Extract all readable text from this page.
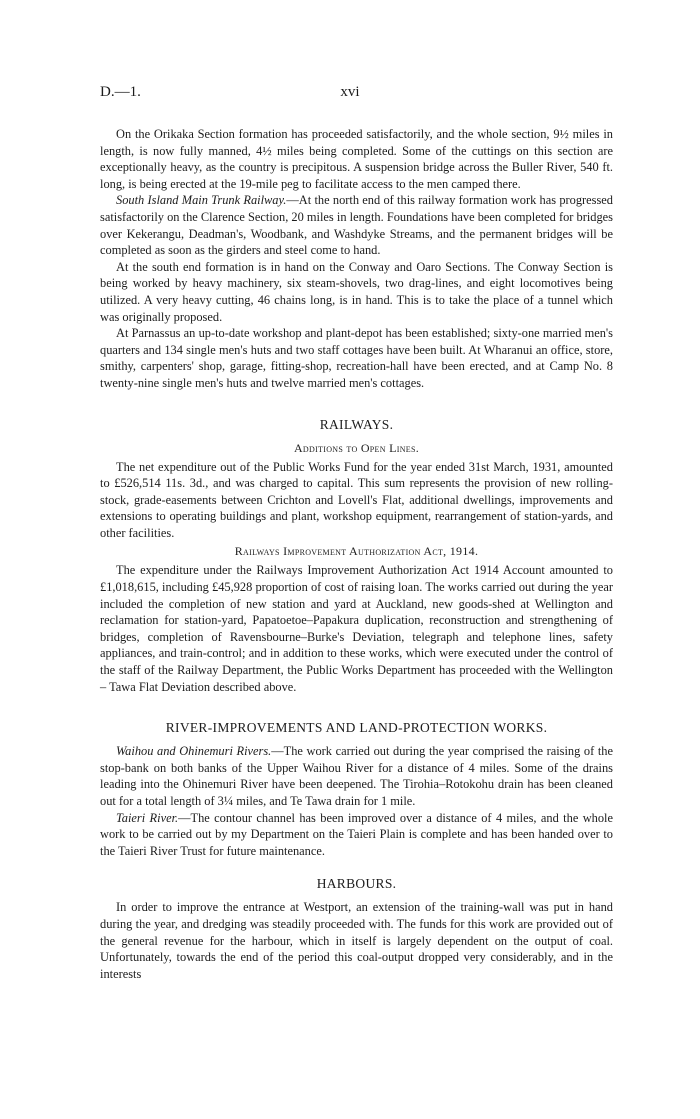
D.—1.	xvi

On the Orikaka Section formation has proceeded satisfactorily, and the whole section, 9½ miles in length, is now fully manned, 4½ miles being completed. Some of the cuttings on this section are exceptionally heavy, as the country is precipitous. A suspension bridge across the Buller River, 540 ft. long, is being erected at the 19-mile peg to facilitate access to the men camped there.

South Island Main Trunk Railway.—At the north end of this railway formation work has progressed satisfactorily on the Clarence Section, 20 miles in length. Foundations have been completed for bridges over Kekerangu, Deadman's, Woodbank, and Washdyke Streams, and the permanent bridges will be completed as soon as the girders and steel come to hand.

At the south end formation is in hand on the Conway and Oaro Sections. The Conway Section is being worked by heavy machinery, six steam-shovels, two drag-lines, and eight locomotives being utilized. A very heavy cutting, 46 chains long, is in hand. This is to take the place of a tunnel which was originally proposed.

At Parnassus an up-to-date workshop and plant-depot has been established; sixty-one married men's quarters and 134 single men's huts and two staff cottages have been built. At Wharanui an office, store, smithy, carpenters' shop, garage, fitting-shop, recreation-hall have been erected, and at Camp No. 8 twenty-nine single men's huts and twelve married men's cottages.

RAILWAYS.
Additions to Open Lines.

The net expenditure out of the Public Works Fund for the year ended 31st March, 1931, amounted to £526,514 11s. 3d., and was charged to capital. This sum represents the provision of new rolling-stock, grade-easements between Crichton and Lovell's Flat, additional dwellings, improvements and extensions to operating buildings and plant, workshop equipment, rearrangement of station-yards, and other facilities.

Railways Improvement Authorization Act, 1914.

The expenditure under the Railways Improvement Authorization Act 1914 Account amounted to £1,018,615, including £45,928 proportion of cost of raising loan. The works carried out during the year included the completion of new station and yard at Auckland, new goods-shed at Wellington and reclamation for station-yard, Papatoetoe–Papakura duplication, reconstruction and strengthening of bridges, completion of Ravensbourne–Burke's Deviation, telegraph and telephone lines, safety appliances, and train-control; and in addition to these works, which were executed under the control of the staff of the Railway Department, the Public Works Department has proceeded with the Wellington – Tawa Flat Deviation described above.

RIVER-IMPROVEMENTS AND LAND-PROTECTION WORKS.

Waihou and Ohinemuri Rivers.—The work carried out during the year comprised the raising of the stop-bank on both banks of the Upper Waihou River for a distance of 4 miles. Some of the drains leading into the Ohinemuri River have been deepened. The Tirohia–Rotokohu drain has been cleaned out for a total length of 3¼ miles, and Te Tawa drain for 1 mile.

Taieri River.—The contour channel has been improved over a distance of 4 miles, and the whole work to be carried out by my Department on the Taieri Plain is complete and has been handed over to the Taieri River Trust for future maintenance.

HARBOURS.

In order to improve the entrance at Westport, an extension of the training-wall was put in hand during the year, and dredging was steadily proceeded with. The funds for this work are provided out of the general revenue for the harbour, which in itself is largely dependent on the output of coal. Unfortunately, towards the end of the period this coal-output dropped very considerably, and in the interests
